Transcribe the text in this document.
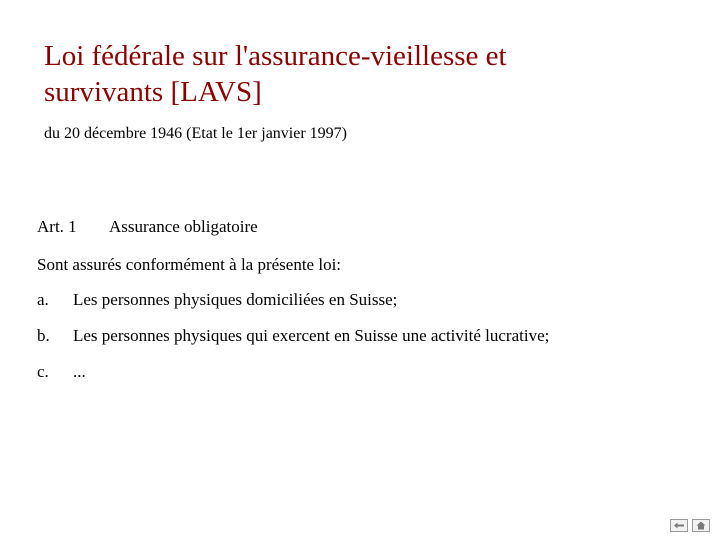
Loi fédérale sur l'assurance-vieillesse et
survivants [LAVS]
du 20 décembre 1946 (Etat le 1er janvier 1997)
Art. 1 Assurance obligatoire
Sont assurés conformément à la présente loi:
a. Les personnes physiques domiciliées en Suisse;
b. Les personnes physiques qui exercent en Suisse une activité lucrative;
c. ...
